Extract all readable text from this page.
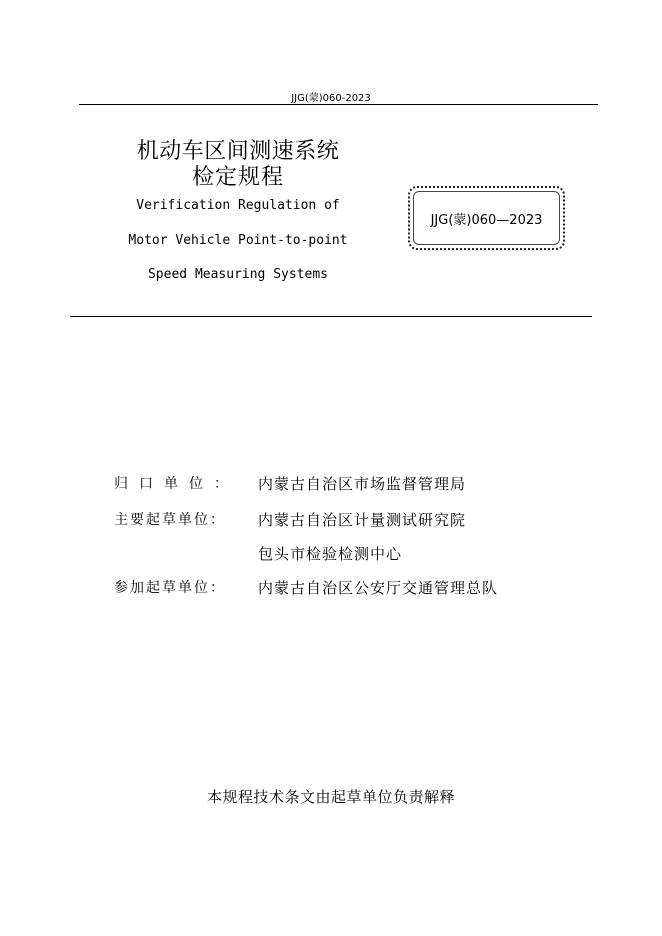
JJG(蒙)060-2023
机动车区间测速系统
检定规程
Verification Regulation of
Motor Vehicle Point-to-point
Speed Measuring Systems
JJG(蒙)060—2023
归口单位： 内蒙古自治区市场监督管理局
主要起草单位：	内蒙古自治区计量测试研究院
包头市检验检测中心
参加起草单位：	内蒙古自治区公安厅交通管理总队
本规程技术条文由起草单位负责解释
